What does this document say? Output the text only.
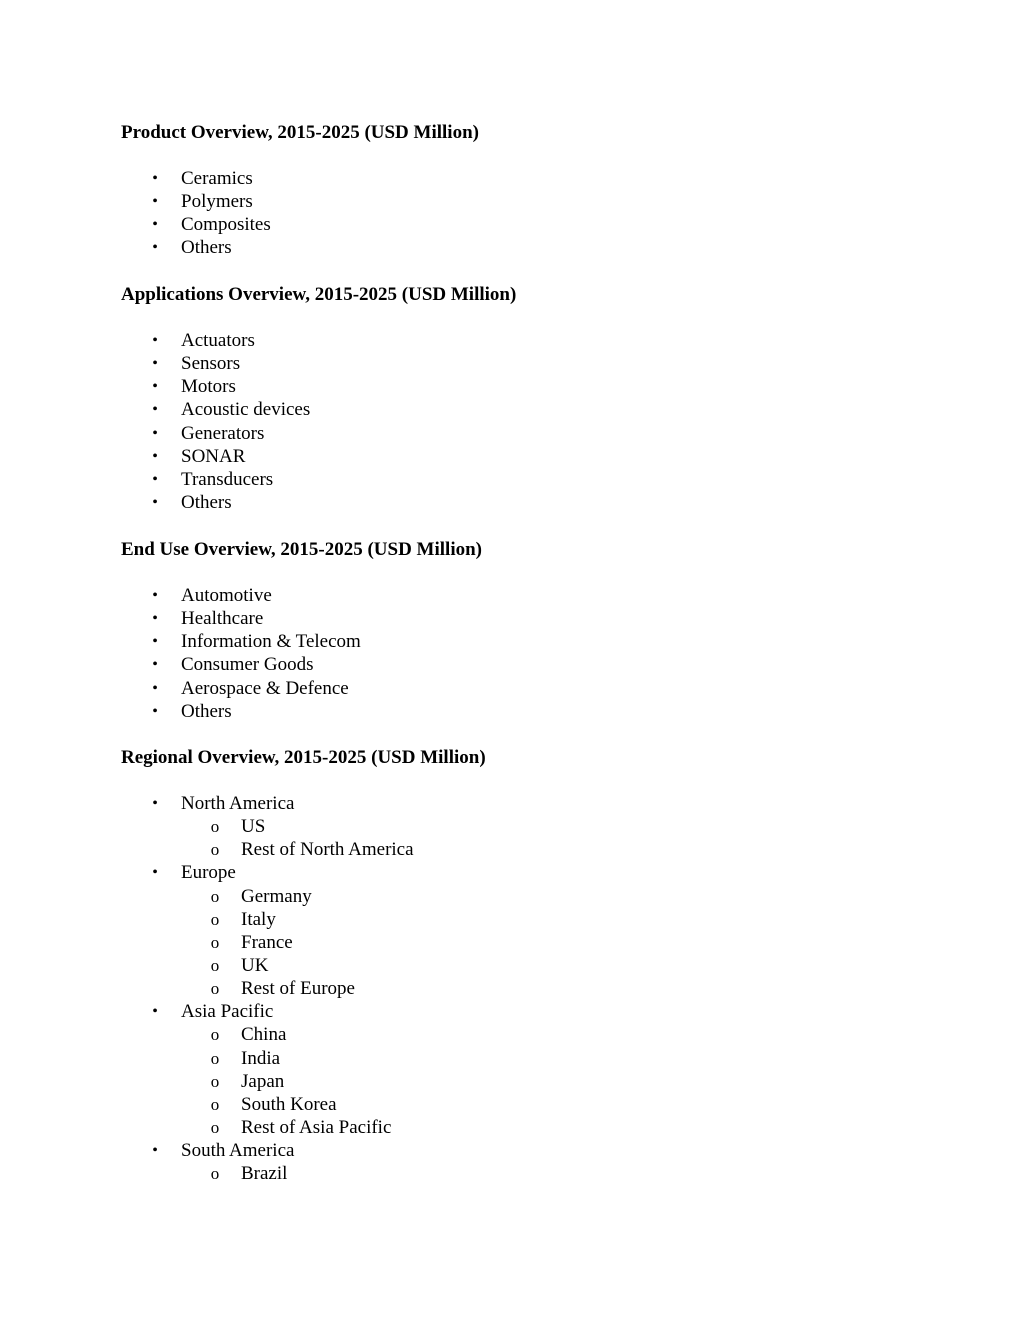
Product Overview, 2015-2025 (USD Million)
• Ceramics
• Polymers
• Composites
• Others
Applications Overview, 2015-2025 (USD Million)
• Actuators
• Sensors
• Motors
• Acoustic devices
• Generators
• SONAR
• Transducers
• Others
End Use Overview, 2015-2025 (USD Million)
• Automotive
• Healthcare
• Information & Telecom
• Consumer Goods
• Aerospace & Defence
• Others
Regional Overview, 2015-2025 (USD Million)
• North America
o US
o Rest of North America
• Europe
o Germany
o Italy
o France
o UK
o Rest of Europe
• Asia Pacific
o China
o India
o Japan
o South Korea
o Rest of Asia Pacific
• South America
o Brazil
